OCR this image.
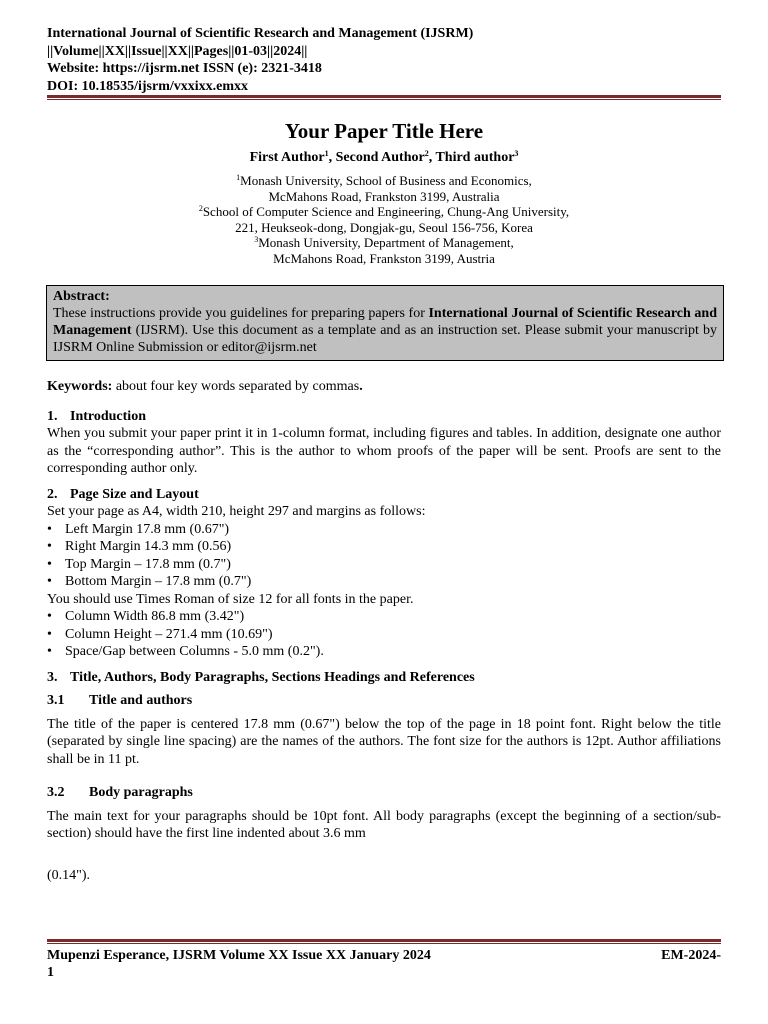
International Journal of Scientific Research and Management (IJSRM)
||Volume||XX||Issue||XX||Pages||01-03||2024||
Website: https://ijsrm.net ISSN (e): 2321-3418
DOI: 10.18535/ijsrm/vxxixx.emxx
Your Paper Title Here
First Author$^1$, Second Author$^2$, Third author$^3$
$^1$Monash University, School of Business and Economics,
McMahons Road, Frankston 3199, Australia
$^2$School of Computer Science and Engineering, Chung-Ang University,
221, Heukseok-dong, Dongjak-gu, Seoul 156-756, Korea
$^3$Monash University, Department of Management,
McMahons Road, Frankston 3199, Austria
Abstract:
These instructions provide you guidelines for preparing papers for International Journal of Scientific Research and Management (IJSRM). Use this document as a template and as an instruction set. Please submit your manuscript by IJSRM Online Submission or editor@ijsrm.net

Keywords: about four key words separated by commas.

1. Introduction

When you submit your paper print it in 1-column format, including figures and tables. In addition, designate one author as the “corresponding author”. This is the author to whom proofs of the paper will be sent. Proofs are sent to the corresponding author only.

2. Page Size and Layout

Set your page as A4, width 210, height 297 and margins as follows:

• Left Margin 17.8 mm (0.67")
• Right Margin 14.3 mm (0.56)
• Top Margin – 17.8 mm (0.7")
• Bottom Margin – 17.8 mm (0.7")

You should use Times Roman of size 12 for all fonts in the paper.

• Column Width 86.8 mm (3.42")
• Column Height – 271.4 mm (10.69")
• Space/Gap between Columns - 5.0 mm (0.2").
3. Title, Authors, Body Paragraphs, Sections Headings and References
3.1	Title and authors

The title of the paper is centered 17.8 mm (0.67") below the top of the page in 18 point font. Right below the title (separated by single line spacing) are the names of the authors. The font size for the authors is 12pt. Author affiliations shall be in 11 pt.

3.2	Body paragraphs

The main text for your paragraphs should be 10pt font. All body paragraphs (except the beginning of a section/sub-section) should have the first line indented about 3.6 mm

(0.14").

Mupenzi Esperance, IJSRM Volume XX Issue XX January 2024	EM-2024-
1
